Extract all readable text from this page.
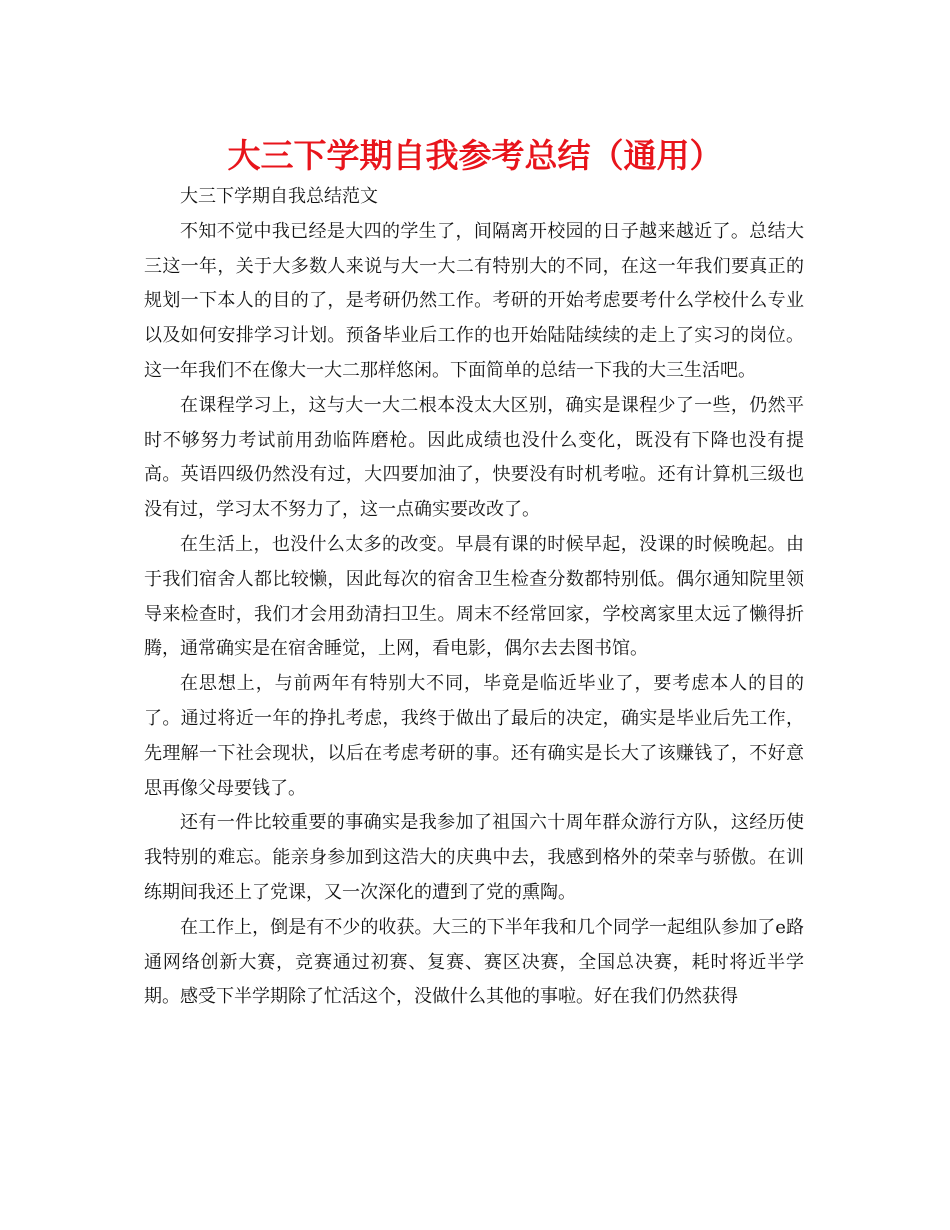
大三下学期自我参考总结（通用）

大三下学期自我总结范文

不知不觉中我已经是大四的学生了，间隔离开校园的日子越来越近了。总结大三这一年，关于大多数人来说与大一大二有特别大的不同，在这一年我们要真正的规划一下本人的目的了，是考研仍然工作。考研的开始考虑要考什么学校什么专业以及如何安排学习计划。预备毕业后工作的也开始陆陆续续的走上了实习的岗位。这一年我们不在像大一大二那样悠闲。下面简单的总结一下我的大三生活吧。

在课程学习上，这与大一大二根本没太大区别，确实是课程少了一些，仍然平时不够努力考试前用劲临阵磨枪。因此成绩也没什么变化，既没有下降也没有提高。英语四级仍然没有过，大四要加油了，快要没有时机考啦。还有计算机三级也没有过，学习太不努力了，这一点确实要改改了。

在生活上，也没什么太多的改变。早晨有课的时候早起，没课的时候晚起。由于我们宿舍人都比较懒，因此每次的宿舍卫生检查分数都特别低。偶尔通知院里领导来检查时，我们才会用劲清扫卫生。周末不经常回家，学校离家里太远了懒得折腾，通常确实是在宿舍睡觉，上网，看电影，偶尔去去图书馆。

在思想上，与前两年有特别大不同，毕竟是临近毕业了，要考虑本人的目的了。通过将近一年的挣扎考虑，我终于做出了最后的决定，确实是毕业后先工作，先理解一下社会现状，以后在考虑考研的事。还有确实是长大了该赚钱了，不好意思再像父母要钱了。

还有一件比较重要的事确实是我参加了祖国六十周年群众游行方队，这经历使我特别的难忘。能亲身参加到这浩大的庆典中去，我感到格外的荣幸与骄傲。在训练期间我还上了党课，又一次深化的遭到了党的熏陶。

在工作上，倒是有不少的收获。大三的下半年我和几个同学一起组队参加了e路通网络创新大赛，竞赛通过初赛、复赛、赛区决赛，全国总决赛，耗时将近半学期。感受下半学期除了忙活这个，没做什么其他的事啦。好在我们仍然获得
